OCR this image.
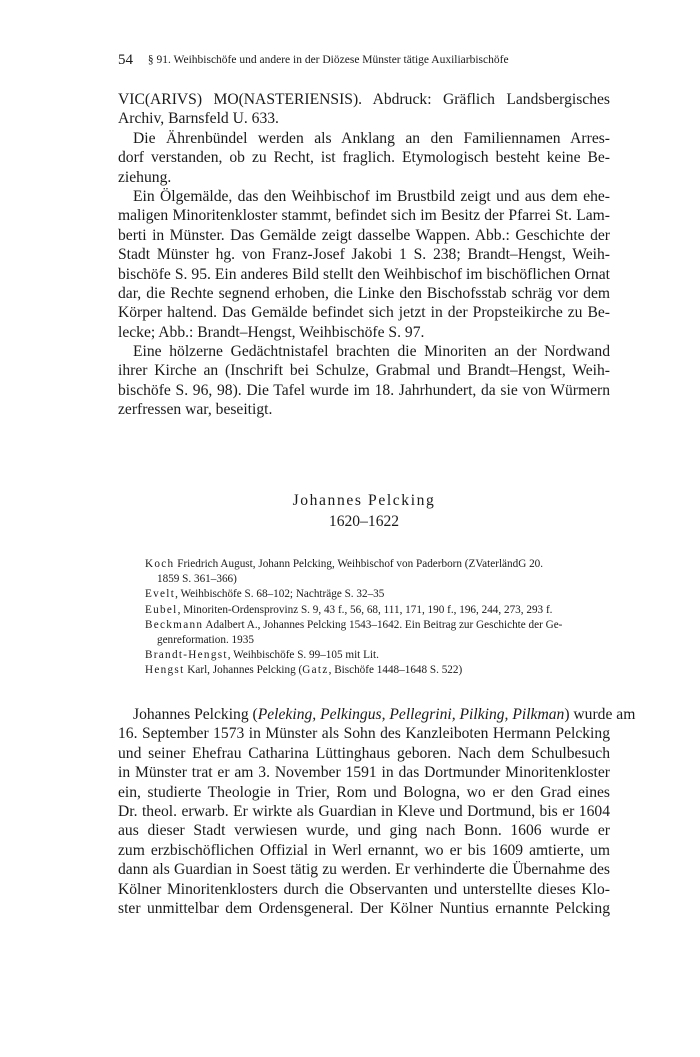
54 § 91. Weihbischöfe und andere in der Diözese Münster tätige Auxiliarbischöfe
VIC(ARIVS) MO(NASTERIENSIS). Abdruck: Gräflich Landsbergisches
Archiv, Barnsfeld U. 633.
Die Ährenbündel werden als Anklang an den Familiennamen Arres-
dorf verstanden, ob zu Recht, ist fraglich. Etymologisch besteht keine Be-
ziehung.
Ein Ölgemälde, das den Weihbischof im Brustbild zeigt und aus dem ehe-
maligen Minoritenkloster stammt, befindet sich im Besitz der Pfarrei St. Lam-
berti in Münster. Das Gemälde zeigt dasselbe Wappen. Abb.: Geschichte der
Stadt Münster hg. von Franz-Josef Jakobi 1 S. 238; Brandt–Hengst, Weih-
bischöfe S. 95. Ein anderes Bild stellt den Weihbischof im bischöflichen Ornat
dar, die Rechte segnend erhoben, die Linke den Bischofsstab schräg vor dem
Körper haltend. Das Gemälde befindet sich jetzt in der Propsteikirche zu Be-
lecke; Abb.: Brandt–Hengst, Weihbischöfe S. 97.
Eine hölzerne Gedächtnistafel brachten die Minoriten an der Nordwand
ihrer Kirche an (Inschrift bei Schulze, Grabmal und Brandt–Hengst, Weih-
bischöfe S. 96, 98). Die Tafel wurde im 18. Jahrhundert, da sie von Würmern
zerfressen war, beseitigt.
Johannes Pelcking
1620–1622
Koch Friedrich August, Johann Pelcking, Weihbischof von Paderborn (ZVaterländG 20.
1859 S. 361–366)
Evelt, Weihbischöfe S. 68–102; Nachträge S. 32–35
Eubel, Minoriten-Ordensprovinz S. 9, 43 f., 56, 68, 111, 171, 190 f., 196, 244, 273, 293 f.
Beckmann Adalbert A., Johannes Pelcking 1543–1642. Ein Beitrag zur Geschichte der Ge-
genreformation. 1935
Brandt-Hengst, Weihbischöfe S. 99–105 mit Lit.
Hengst Karl, Johannes Pelcking (Gatz, Bischöfe 1448–1648 S. 522)
Johannes Pelcking (Peleking, Pelkingus, Pellegrini, Pilking, Pilkman) wurde am
16. September 1573 in Münster als Sohn des Kanzleiboten Hermann Pelcking
und seiner Ehefrau Catharina Lüttinghaus geboren. Nach dem Schulbesuch
in Münster trat er am 3. November 1591 in das Dortmunder Minoritenkloster
ein, studierte Theologie in Trier, Rom und Bologna, wo er den Grad eines
Dr. theol. erwarb. Er wirkte als Guardian in Kleve und Dortmund, bis er 1604
aus dieser Stadt verwiesen wurde, und ging nach Bonn. 1606 wurde er
zum erzbischöflichen Offizial in Werl ernannt, wo er bis 1609 amtierte, um
dann als Guardian in Soest tätig zu werden. Er verhinderte die Übernahme des
Kölner Minoritenklosters durch die Observanten und unterstellte dieses Klo-
ster unmittelbar dem Ordensgeneral. Der Kölner Nuntius ernannte Pelcking
